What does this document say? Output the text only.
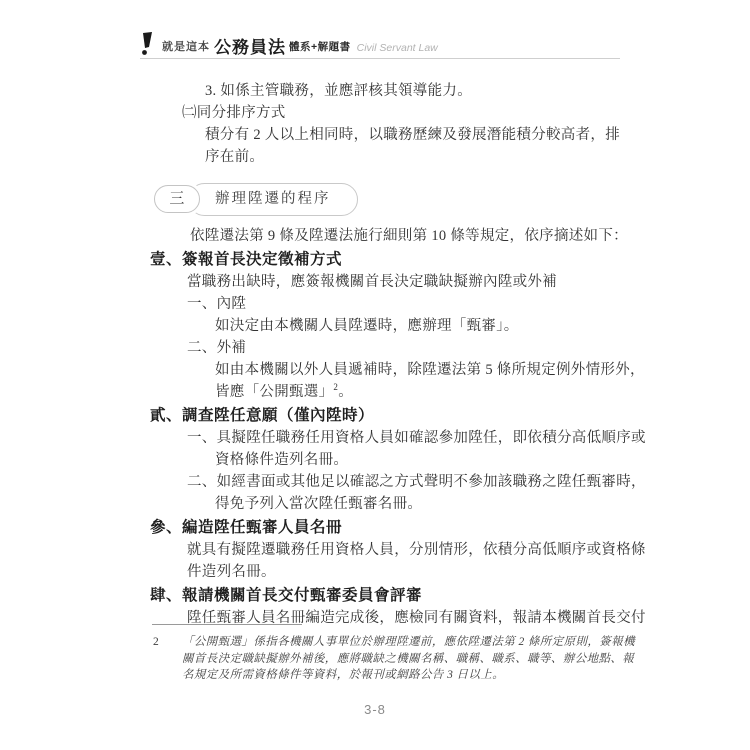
就是這本 公務員法 體系+解題書 Civil Servant Law
3. 如係主管職務，並應評核其領導能力。
㈡同分排序方式
積分有 2 人以上相同時，以職務歷練及發展潛能積分較高者，排
序在前。
三	辦理陞遷的程序
依陞遷法第 9 條及陞遷法施行細則第 10 條等規定，依序摘述如下：
壹、簽報首長決定徵補方式
當職務出缺時，應簽報機關首長決定職缺擬辦內陞或外補
一、內陞
如決定由本機關人員陞遷時，應辦理「甄審」。
二、外補
如由本機關以外人員遞補時，除陞遷法第 5 條所規定例外情形外，
皆應「公開甄選」$^2$。
貳、調查陞任意願（僅內陞時）
一、具擬陞任職務任用資格人員如確認參加陞任，即依積分高低順序或
資格條件造列名冊。
二、如經書面或其他足以確認之方式聲明不參加該職務之陞任甄審時，
得免予列入當次陞任甄審名冊。
參、編造陞任甄審人員名冊
就具有擬陞遷職務任用資格人員，分別情形，依積分高低順序或資格條
件造列名冊。
肆、報請機關首長交付甄審委員會評審
陞任甄審人員名冊編造完成後，應檢同有關資料，報請本機關首長交付
2	「公開甄選」係指各機關人事單位於辦理陞遷前，應依陞遷法第 2 條所定原則，簽報機
關首長決定職缺擬辦外補後，應將職缺之機關名稱、職稱、職系、職等、辦公地點、報
名規定及所需資格條件等資料，於報刊或網路公告 3 日以上。
3-8
